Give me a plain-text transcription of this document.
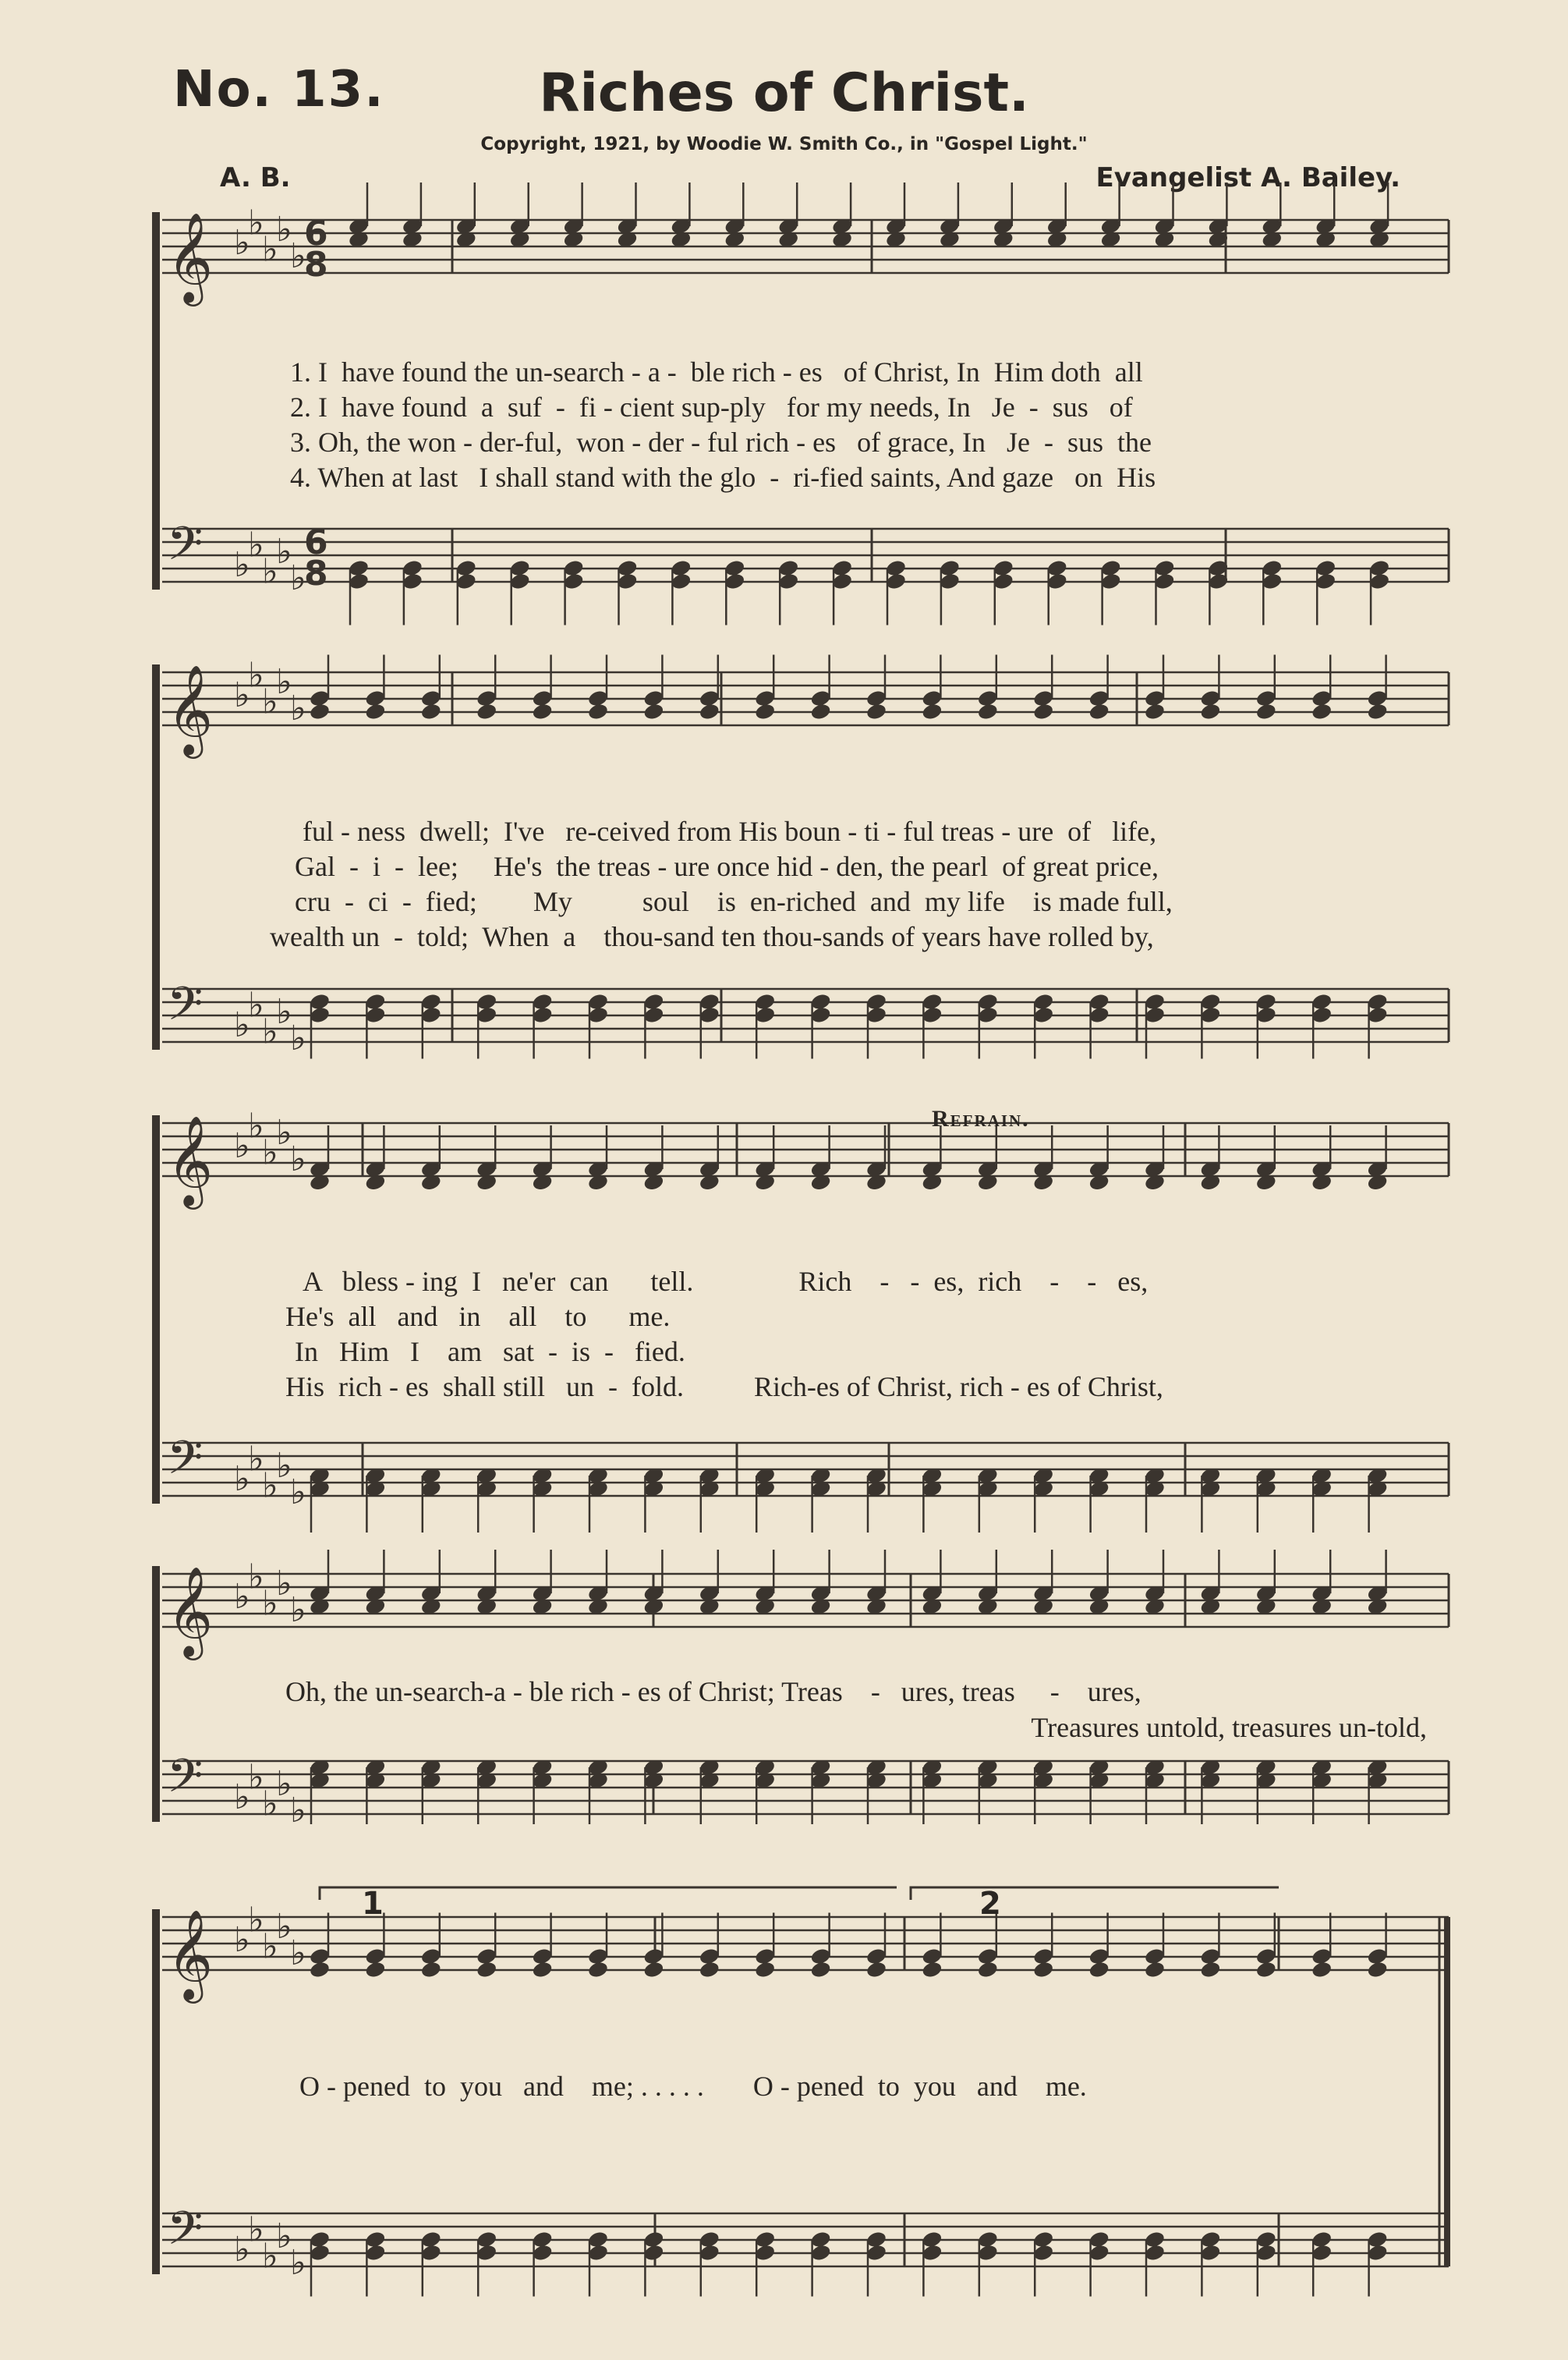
No. 13.	Riches of Christ.
Copyright, 1921, by Woodie W. Smith Co., in "Gospel Light."
A. B.	Evangelist A. Bailey.
𝄞 ♭
♭
♭
♭
♭
6
8
𝄢 ♭
♭
♭
♭
♭
6
8
𝄞 ♭
♭
♭
♭
♭
𝄢 ♭
♭
♭
♭
♭
𝄞 ♭
♭
♭
♭
♭
𝄢 ♭
♭
♭
♭
♭
𝄞 ♭
♭
♭
♭
♭
𝄢 ♭
♭
♭
♭
♭
𝄞 ♭
♭
♭
♭
♭
𝄢 ♭
♭
♭
♭
♭
1. I  have found the un-search - a -  ble rich - es   of Christ, In  Him doth  all
2. I  have found  a  suf  -  fi - cient sup-ply   for my needs, In   Je  -  sus   of
3. Oh, the won - der-ful,  won - der - ful rich - es   of grace, In   Je  -  sus  the
4. When at last   I shall stand with the glo  -  ri-fied saints, And gaze   on  His
ful - ness  dwell;  I've   re-ceived from His boun - ti - ful treas - ure  of   life,
Gal  -  i  -  lee;     He's  the treas - ure once hid - den, the pearl  of great price,
cru  -  ci  -  fied;        My          soul    is  en-riched  and  my life    is made full,
wealth un  -  told;  When  a    thou-sand ten thou-sands of years have rolled by,
Refrain.
A   bless - ing  I   ne'er  can      tell.               Rich    -   -  es,  rich    -    -   es,
He's  all   and   in    all    to      me.
In   Him   I    am   sat  -  is  -   fied.
His  rich - es  shall still   un  -  fold.          Rich-es of Christ, rich - es of Christ,
Oh, the un-search-a - ble rich - es of Christ; Treas    -   ures, treas     -    ures,
Treasures untold, treasures un-told,
1	2
O - pened  to  you   and    me; . . . . .       O - pened  to  you   and    me.
